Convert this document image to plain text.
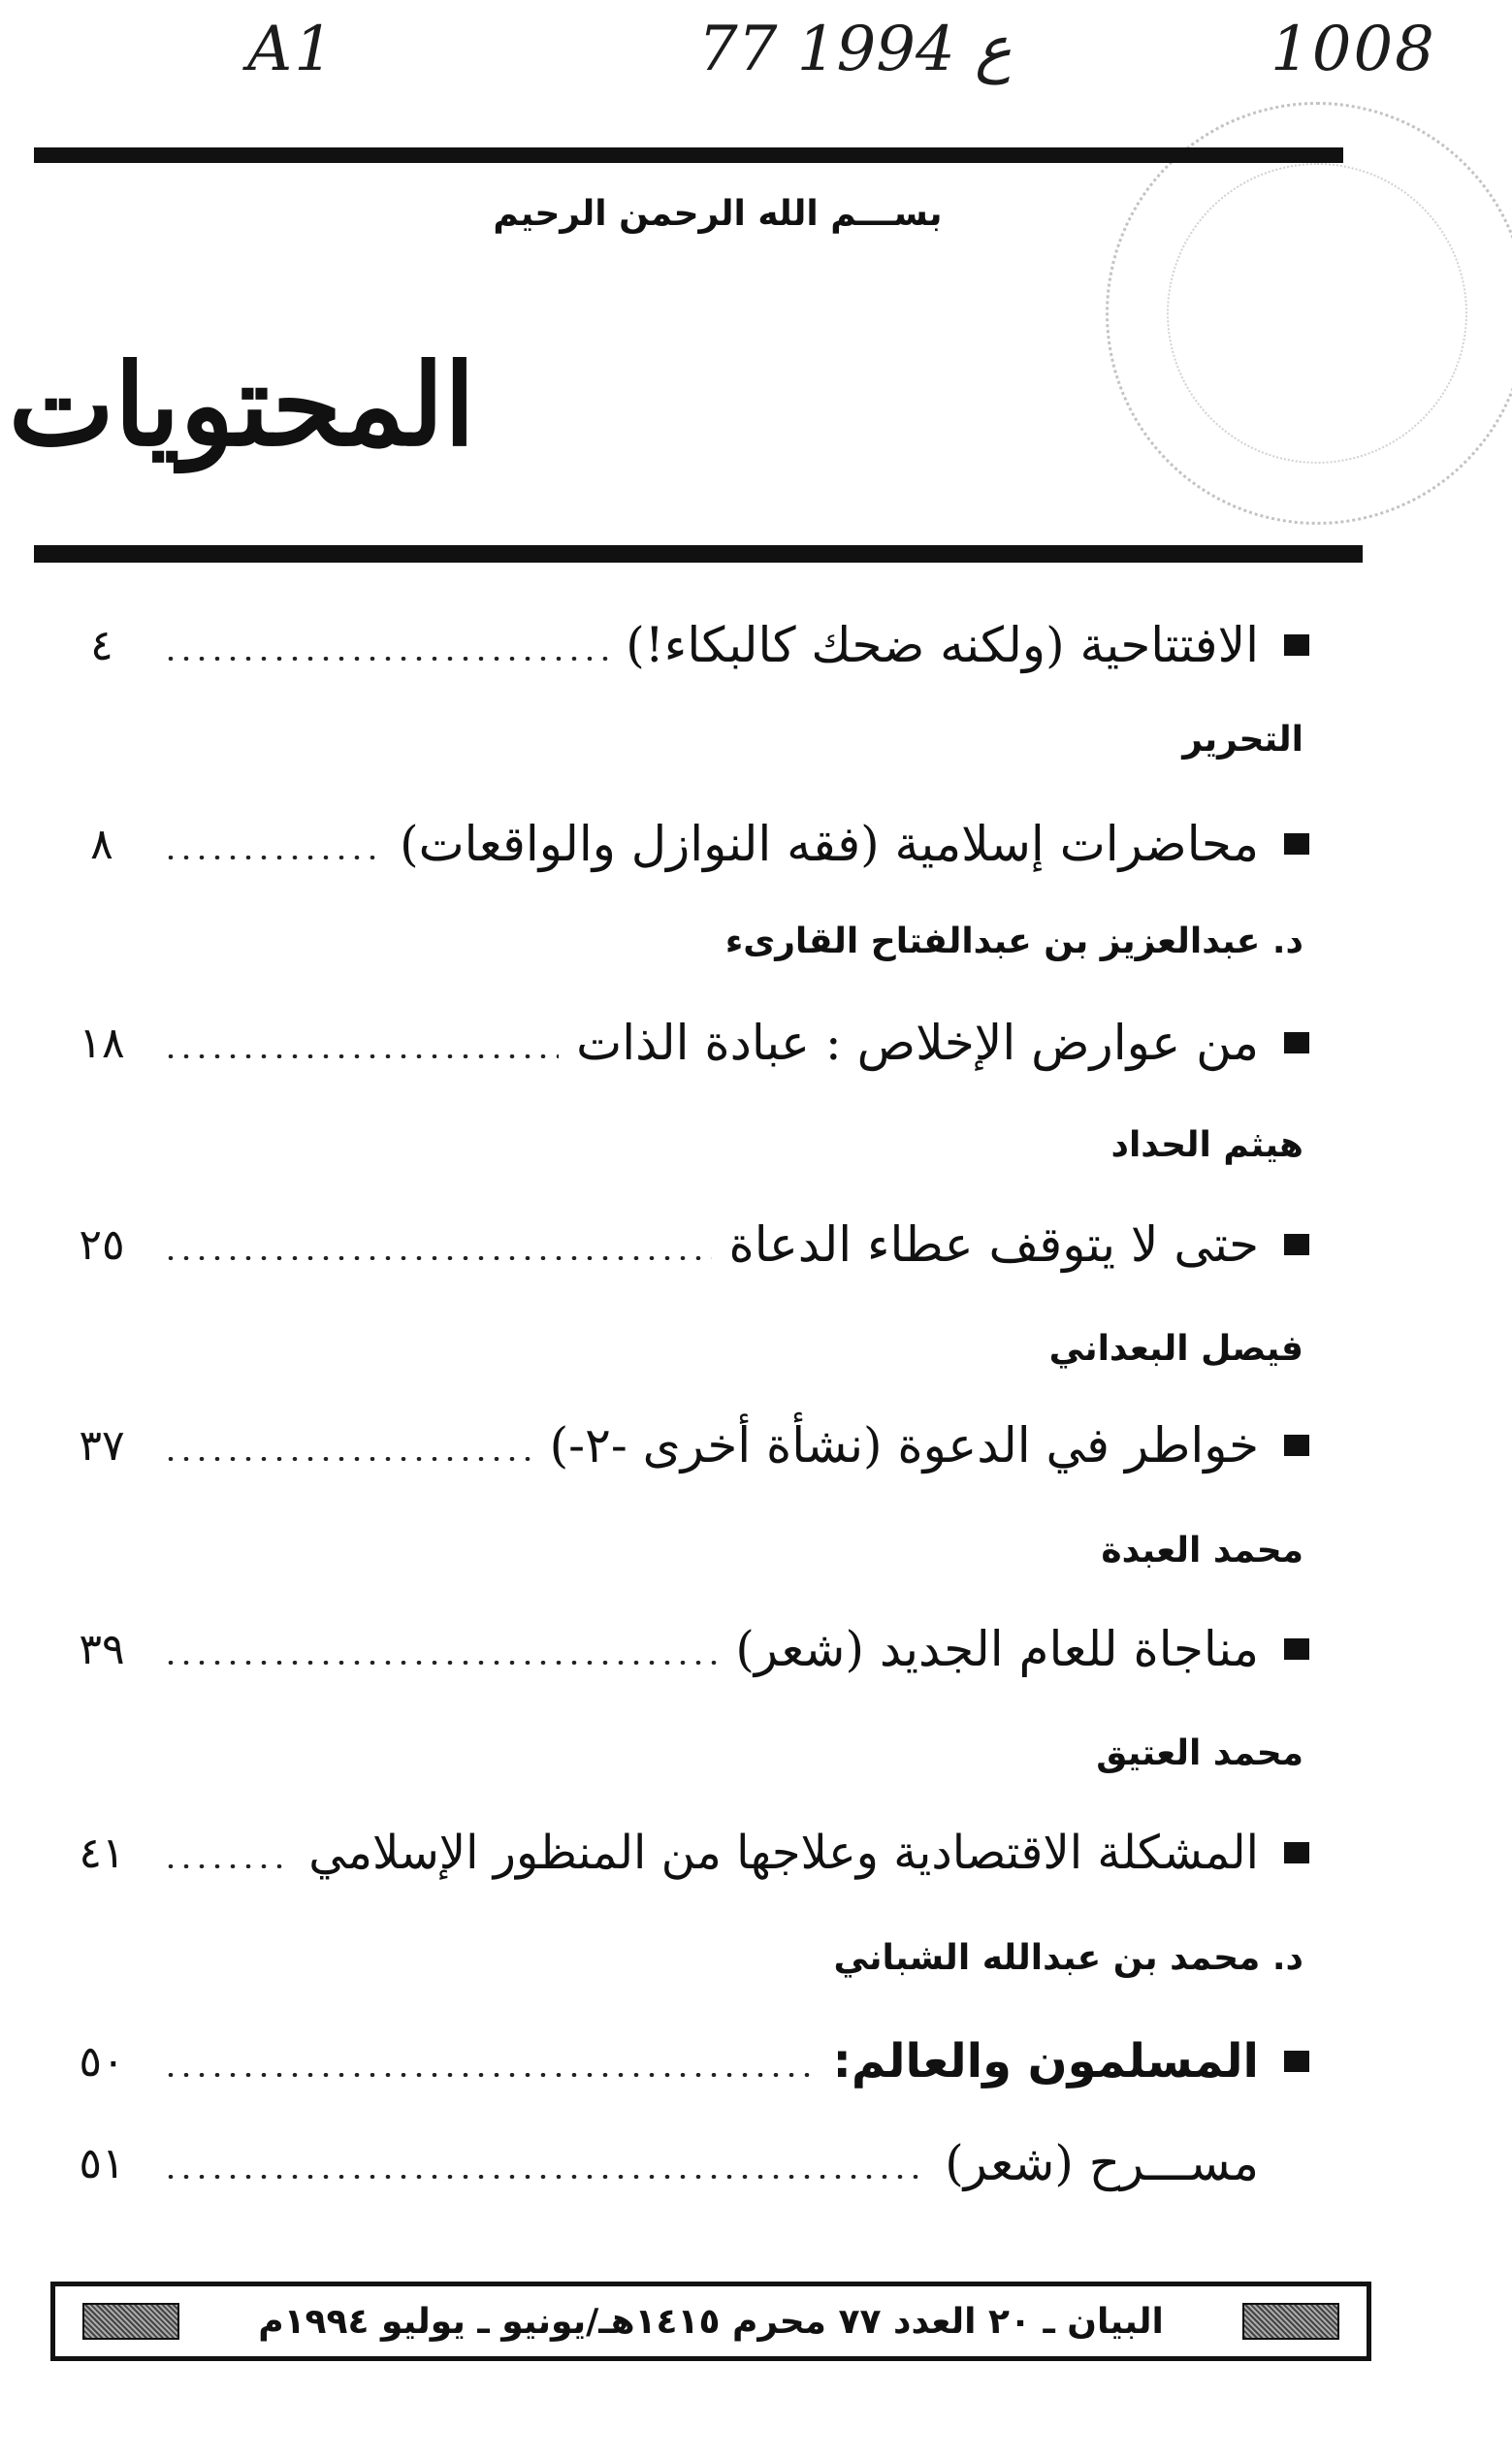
A1	77 ع 1994	1008
بســـم الله الرحمن الرحيم
المحتويات
الافتتاحية (ولكنه ضحك كالبكاء!)
٤
التحرير
محاضرات إسلامية (فقه النوازل والواقعات)
٨
د. عبدالعزيز بن عبدالفتاح القارىء
من عوارض الإخلاص : عبادة الذات
١٨
هيثم الحداد
حتى لا يتوقف عطاء الدعاة
٢٥
فيصل البعداني
خواطر في الدعوة (نشأة أخرى -٢-)
٣٧
محمد العبدة
مناجاة للعام الجديد (شعر)
٣٩
محمد العتيق
المشكلة الاقتصادية وعلاجها من المنظور الإسلامي
٤١
د. محمد بن عبدالله الشباني
المسلمون والعالم:
٥٠
مســـرح (شعر)
٥١
البيان ـ ٢٠ العدد ٧٧ محرم ١٤١٥هـ/يونيو ـ يوليو ١٩٩٤م
